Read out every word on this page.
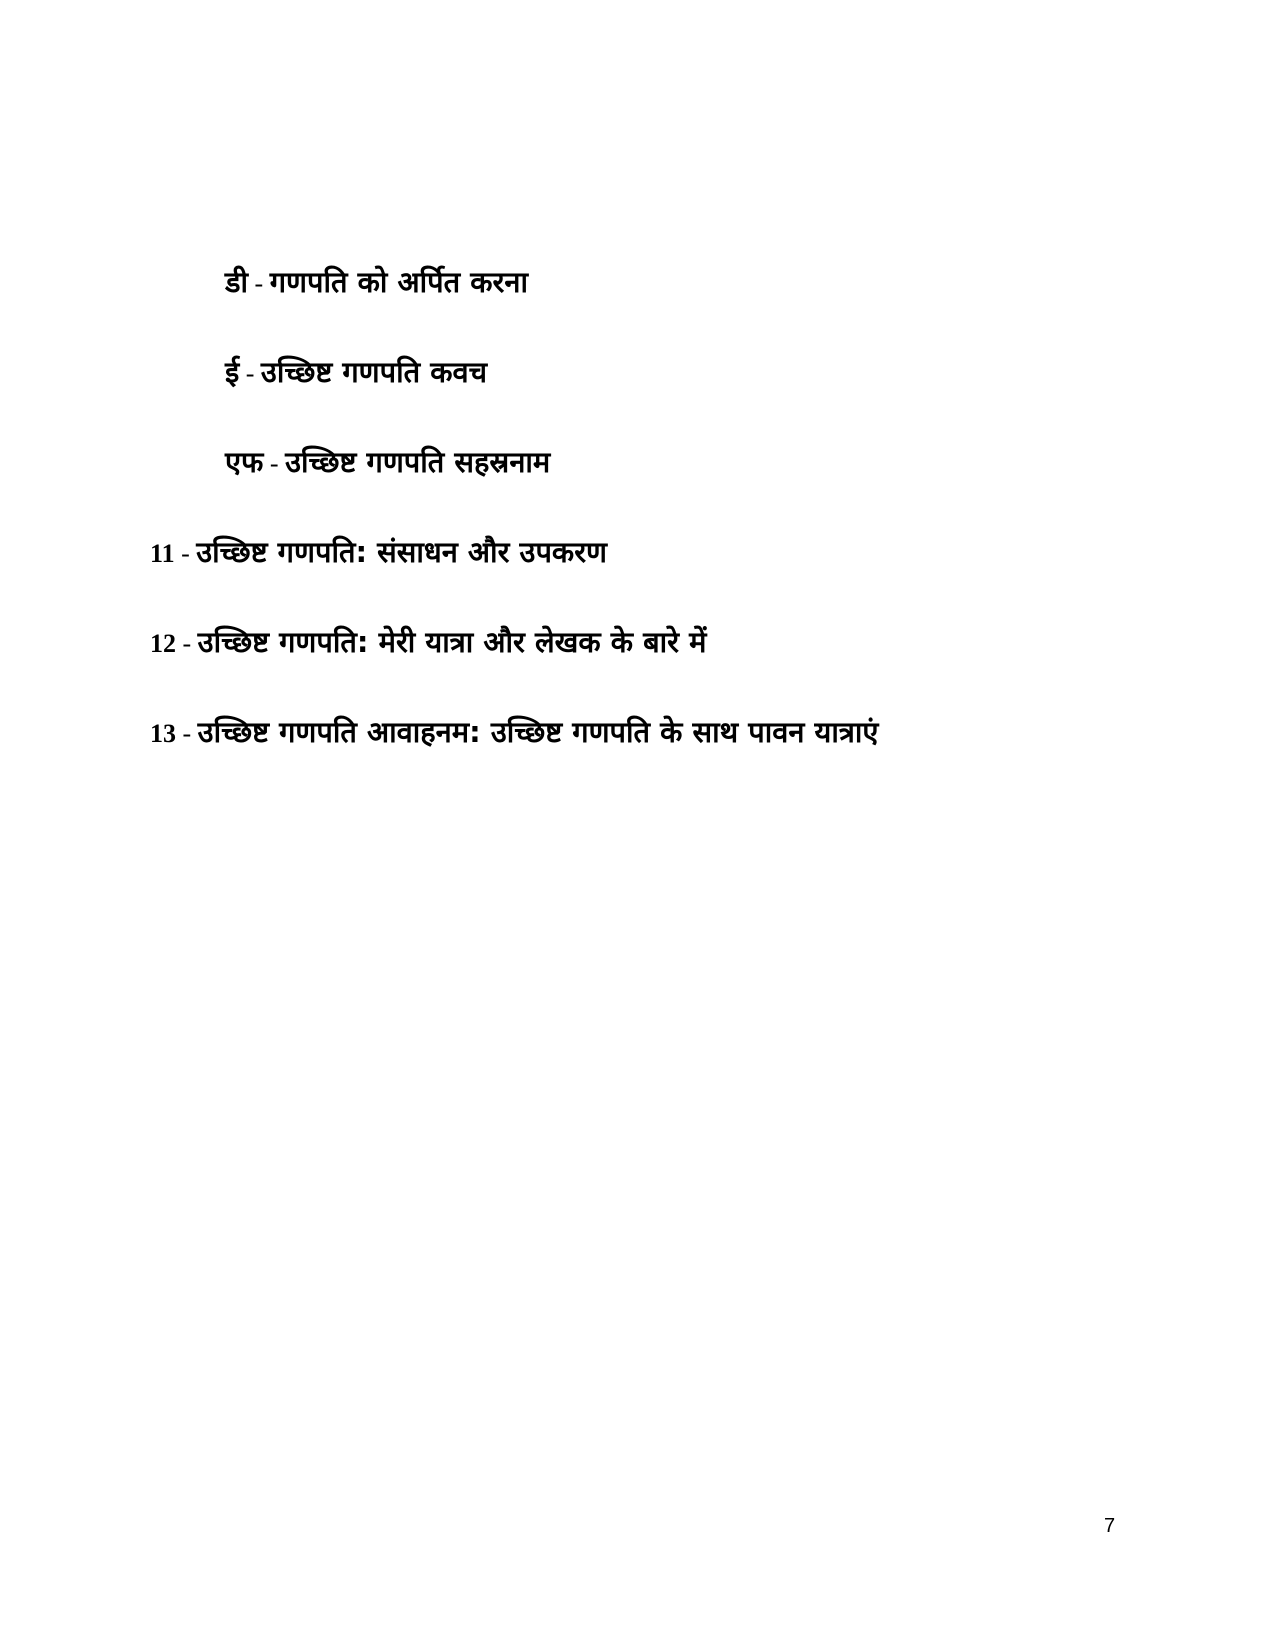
डी - गणपति को अर्पित करना
ई - उच्छिष्ट गणपति कवच
एफ - उच्छिष्ट गणपति सहस्रनाम
11 - उच्छिष्ट गणपति: संसाधन और उपकरण
12 - उच्छिष्ट गणपति: मेरी यात्रा और लेखक के बारे में
13 - उच्छिष्ट गणपति आवाहनम: उच्छिष्ट गणपति के साथ पावन यात्राएं
7
